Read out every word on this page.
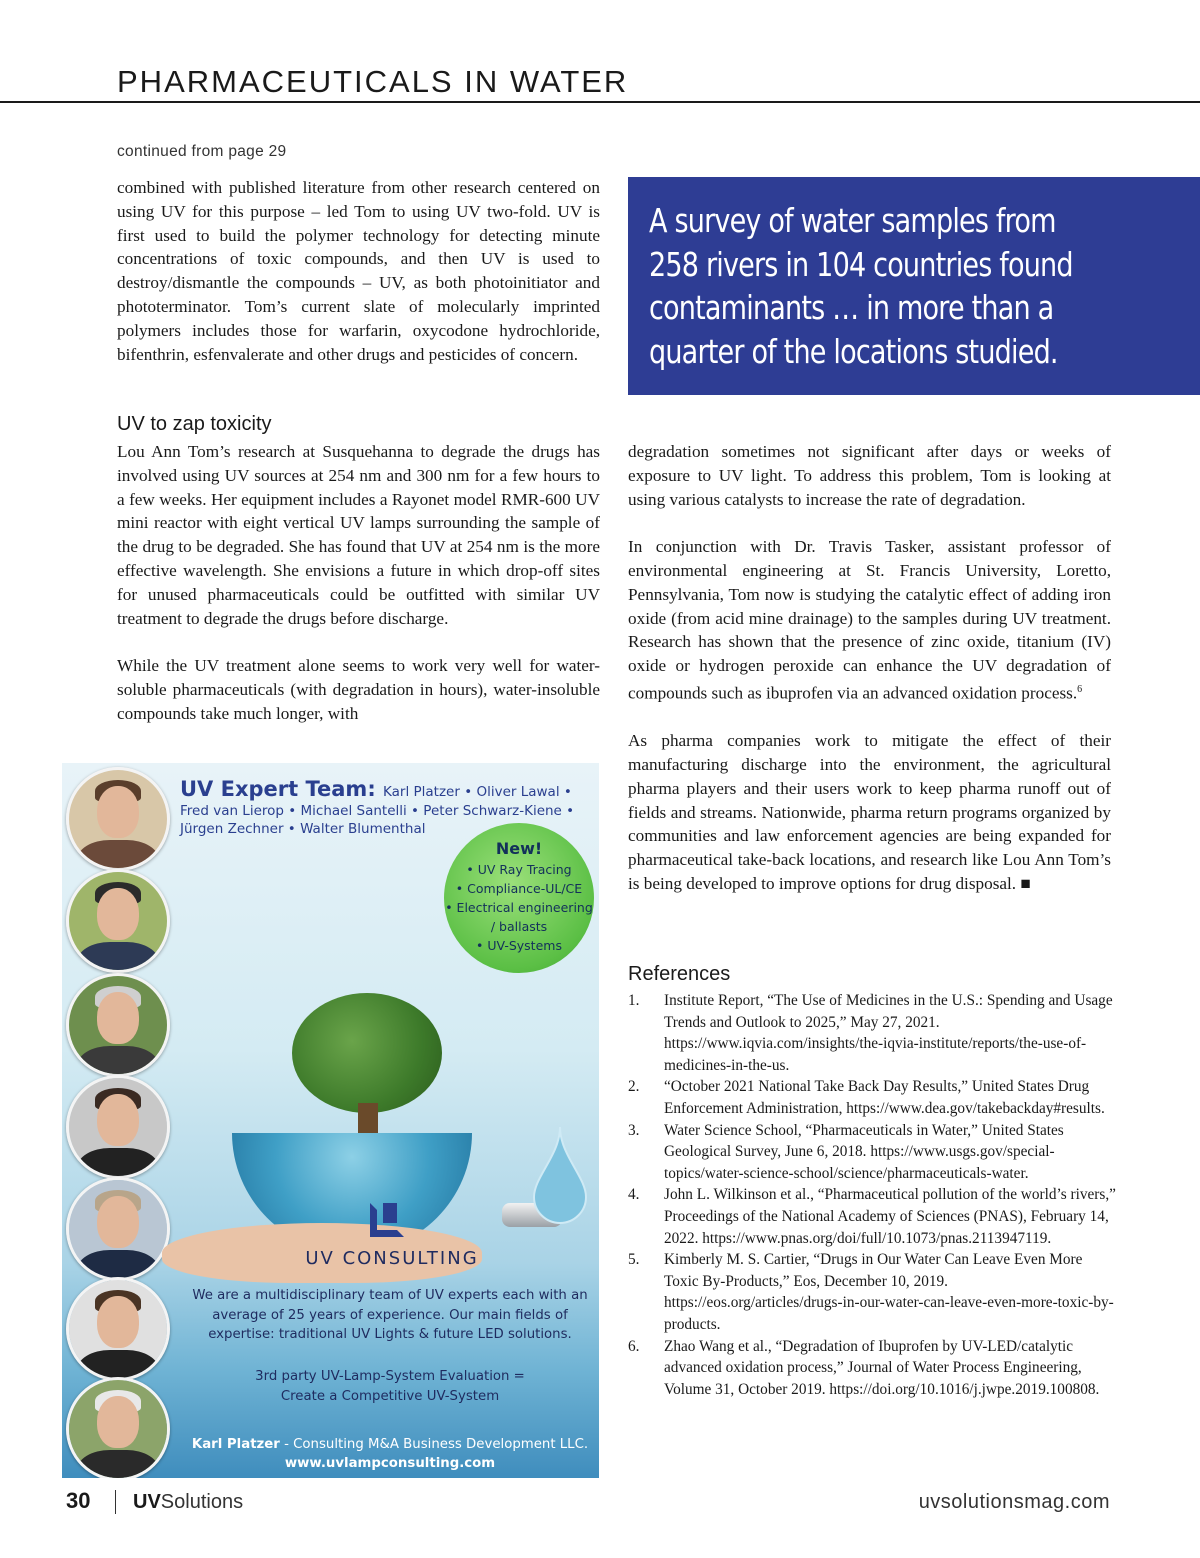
PHARMACEUTICALS IN WATER
continued from page 29

combined with published literature from other research centered on using UV for this purpose – led Tom to using UV two-fold. UV is first used to build the polymer technology for detecting minute concentrations of toxic compounds, and then UV is used to destroy/dismantle the compounds – UV, as both photoinitiator and phototerminator. Tom’s current slate of molecularly imprinted polymers includes those for warfarin, oxycodone hydrochloride, bifenthrin, esfenvalerate and other drugs and pesticides of concern.

A survey of water samples from
258 rivers in 104 countries found
contaminants … in more than a
quarter of the locations studied.
UV to zap toxicity

Lou Ann Tom’s research at Susquehanna to degrade the drugs has involved using UV sources at 254 nm and 300 nm for a few hours to a few weeks. Her equipment includes a Rayonet model RMR-600 UV mini reactor with eight vertical UV lamps surrounding the sample of the drug to be degraded. She has found that UV at 254 nm is the more effective wavelength. She envisions a future in which drop-off sites for unused pharmaceuticals could be outfitted with similar UV treatment to degrade the drugs before discharge.

While the UV treatment alone seems to work very well for water-soluble pharmaceuticals (with degradation in hours), water-insoluble compounds take much longer, with

degradation sometimes not significant after days or weeks of exposure to UV light. To address this problem, Tom is looking at using various catalysts to increase the rate of degradation.

In conjunction with Dr. Travis Tasker, assistant professor of environmental engineering at St. Francis University, Loretto, Pennsylvania, Tom now is studying the catalytic effect of adding iron oxide (from acid mine drainage) to the samples during UV treatment. Research has shown that the presence of zinc oxide, titanium (IV) oxide or hydrogen peroxide can enhance the UV degradation of compounds such as ibuprofen via an advanced oxidation process.$^6$

As pharma companies work to mitigate the effect of their manufacturing discharge into the environment, the agricultural pharma players and their users work to keep pharma runoff out of fields and streams. Nationwide, pharma return programs organized by communities and law enforcement agencies are being expanded for pharmaceutical take-back locations, and research like Lou Ann Tom’s is being developed to improve options for drug disposal. ■

References
1. Institute Report, “The Use of Medicines in the U.S.: Spending and Usage Trends and Outlook to 2025,” May 27, 2021. https://www.iqvia.com/insights/the-iqvia-institute/reports/the-use-of-medicines-in-the-us.
2. “October 2021 National Take Back Day Results,” United States Drug Enforcement Administration, https://www.dea.gov/takebackday#results.
3. Water Science School, “Pharmaceuticals in Water,” United States Geological Survey, June 6, 2018. https://www.usgs.gov/special-topics/water-science-school/science/pharmaceuticals-water.
4. John L. Wilkinson et al., “Pharmaceutical pollution of the world’s rivers,” Proceedings of the National Academy of Sciences (PNAS), February 14, 2022. https://www.pnas.org/doi/full/10.1073/pnas.2113947119.
5. Kimberly M. S. Cartier, “Drugs in Our Water Can Leave Even More Toxic By-Products,” Eos, December 10, 2019. https://eos.org/articles/drugs-in-our-water-can-leave-even-more-toxic-by-products.
6. Zhao Wang et al., “Degradation of Ibuprofen by UV-LED/catalytic advanced oxidation process,” Journal of Water Process Engineering, Volume 31, October 2019. https://doi.org/10.1016/j.jwpe.2019.100808.
UV Expert Team: Karl Platzer • Oliver Lawal •
Fred van Lierop • Michael Santelli • Peter Schwarz-Kiene •
Jürgen Zechner • Walter Blumenthal
New!
• UV Ray Tracing
• Compliance-UL/CE
• Electrical engineering
/ ballasts
• UV-Systems
UV CONSULTING
We are a multidisciplinary team of UV experts each with an average of 25 years of experience. Our main fields of expertise: traditional UV Lights & future LED solutions.
3rd party UV-Lamp-System Evaluation =
Create a Competitive UV-System
Karl Platzer - Consulting M&A Business Development LLC.
www.uvlampconsulting.com
30 UVSolutions	uvsolutionsmag.com
